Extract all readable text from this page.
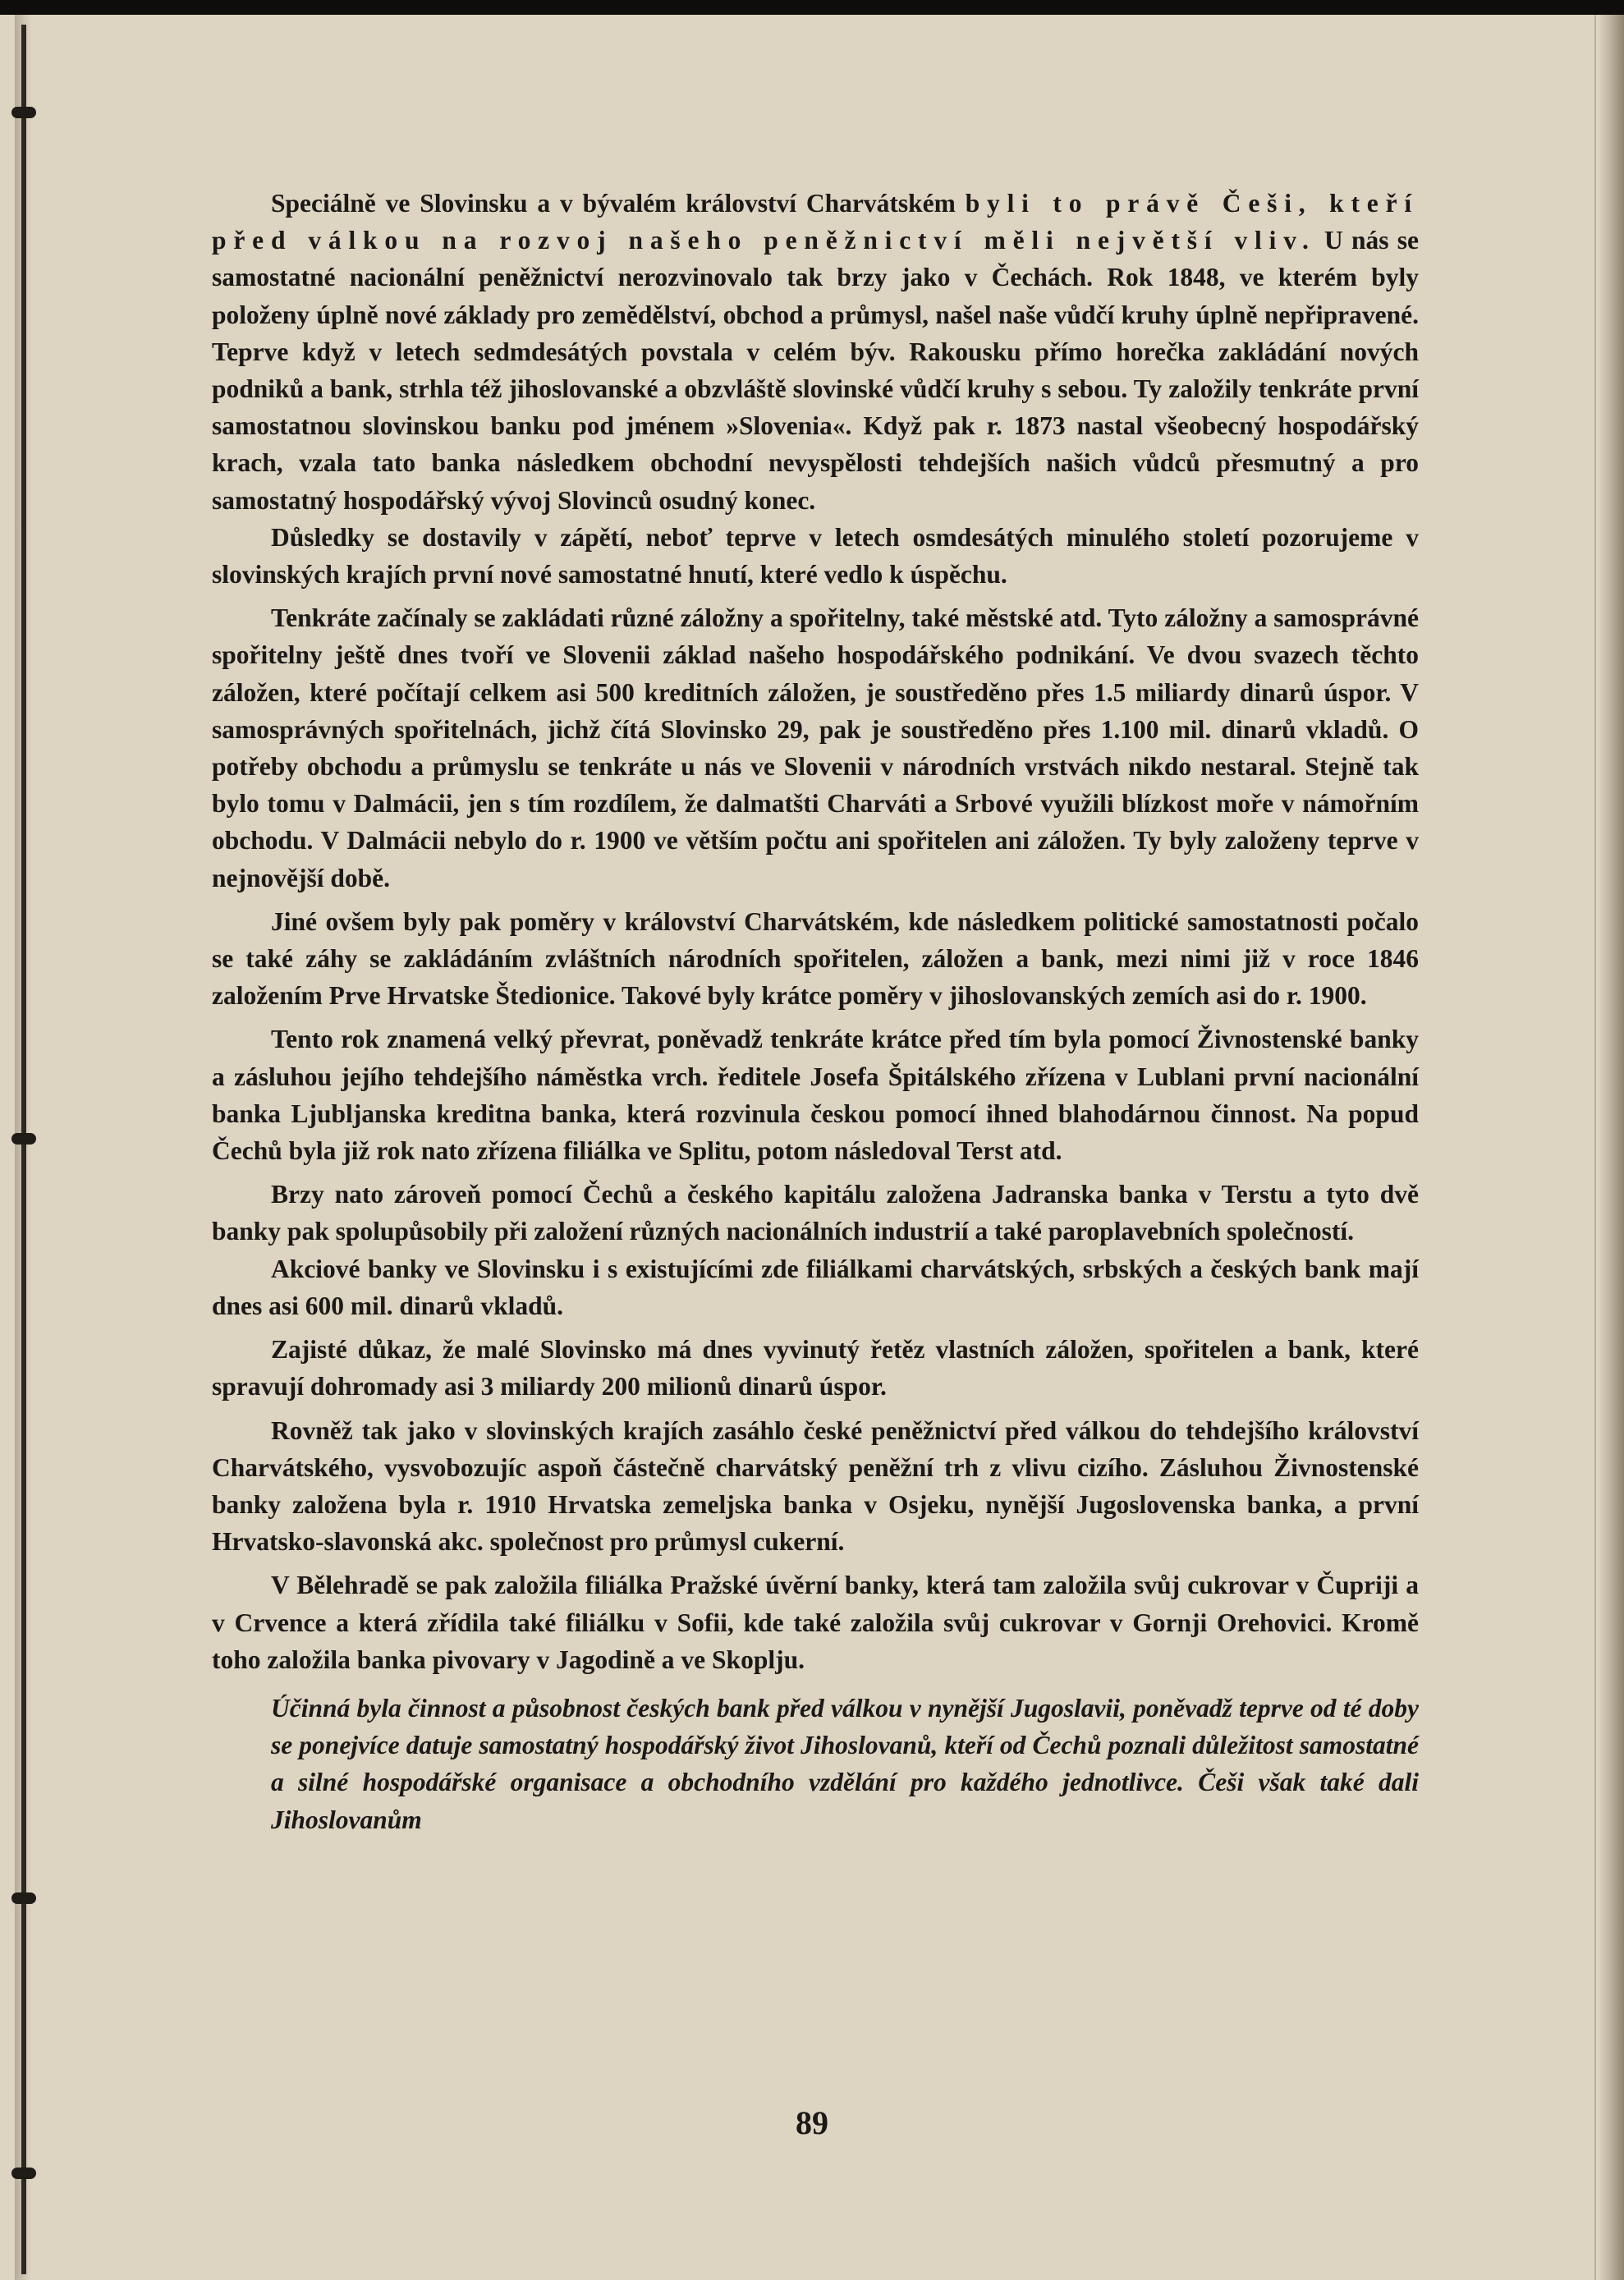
Speciálně ve Slovinsku a v bývalém království Charvátském byli to právě Češi, kteří před válkou na rozvoj našeho peněžnictví měli největší vliv. U nás se samostatné nacionální peněžnictví nerozvinovalo tak brzy jako v Čechách. Rok 1848, ve kterém byly položeny úplně nové základy pro zemědělství, obchod a průmysl, našel naše vůdčí kruhy úplně nepřipravené. Teprve když v letech sedmdesátých povstala v celém býv. Rakousku přímo horečka zakládání nových podniků a bank, strhla též jihoslovanské a obzvláště slovinské vůdčí kruhy s sebou. Ty založily tenkráte první samostatnou slovinskou banku pod jménem »Slovenia«. Když pak r. 1873 nastal všeobecný hospodářský krach, vzala tato banka následkem obchodní nevyspělosti tehdejších našich vůdců přesmutný a pro samostatný hospodářský vývoj Slovinců osudný konec.

Důsledky se dostavily v zápětí, neboť teprve v letech osmdesátých minulého století pozorujeme v slovinských krajích první nové samostatné hnutí, které vedlo k úspěchu.

Tenkráte začínaly se zakládati různé záložny a spořitelny, také městské atd. Tyto záložny a samosprávné spořitelny ještě dnes tvoří ve Slovenii základ našeho hospodářského podnikání. Ve dvou svazech těchto záložen, které počítají celkem asi 500 kreditních záložen, je soustředěno přes 1.5 miliardy dinarů úspor. V samosprávných spořitelnách, jichž čítá Slovinsko 29, pak je soustředěno přes 1.100 mil. dinarů vkladů. O potřeby obchodu a průmyslu se tenkráte u nás ve Slovenii v národních vrstvách nikdo nestaral. Stejně tak bylo tomu v Dalmácii, jen s tím rozdílem, že dalmatšti Charváti a Srbové využili blízkost moře v námořním obchodu. V Dalmácii nebylo do r. 1900 ve větším počtu ani spořitelen ani záložen. Ty byly založeny teprve v nejnovější době.

Jiné ovšem byly pak poměry v království Charvátském, kde následkem politické samostatnosti počalo se také záhy se zakládáním zvláštních národních spořitelen, záložen a bank, mezi nimi již v roce 1846 založením Prve Hrvatske Štedionice. Takové byly krátce poměry v jihoslovanských zemích asi do r. 1900.

Tento rok znamená velký převrat, poněvadž tenkráte krátce před tím byla pomocí Živnostenské banky a zásluhou jejího tehdejšího náměstka vrch. ředitele Josefa Špitálského zřízena v Lublani první nacionální banka Ljubljanska kreditna banka, která rozvinula českou pomocí ihned blahodárnou činnost. Na popud Čechů byla již rok nato zřízena filiálka ve Splitu, potom následoval Terst atd.

Brzy nato zároveň pomocí Čechů a českého kapitálu založena Jadranska banka v Terstu a tyto dvě banky pak spolupůsobily při založení různých nacionálních industrií a také paroplavebních společností.

Akciové banky ve Slovinsku i s existujícími zde filiálkami charvátských, srbských a českých bank mají dnes asi 600 mil. dinarů vkladů.

Zajisté důkaz, že malé Slovinsko má dnes vyvinutý řetěz vlastních záložen, spořitelen a bank, které spravují dohromady asi 3 miliardy 200 milionů dinarů úspor.

Rovněž tak jako v slovinských krajích zasáhlo české peněžnictví před válkou do tehdejšího království Charvátského, vysvobozujíc aspoň částečně charvátský peněžní trh z vlivu cizího. Zásluhou Živnostenské banky založena byla r. 1910 Hrvatska zemeljska banka v Osjeku, nynější Jugoslovenska banka, a první Hrvatsko-slavonská akc. společnost pro průmysl cukerní.

V Bělehradě se pak založila filiálka Pražské úvěrní banky, která tam založila svůj cukrovar v Čupriji a v Crvence a která zřídila také filiálku v Sofii, kde také založila svůj cukrovar v Gornji Orehovici. Kromě toho založila banka pivovary v Jagodině a ve Skoplju.

Účinná byla činnost a působnost českých bank před válkou v nynější Jugoslavii, poněvadž teprve od té doby se ponejvíce datuje samostatný hospodářský život Jihoslovanů, kteří od Čechů poznali důležitost samostatné a silné hospodářské organisace a obchodního vzdělání pro každého jednotlivce. Češi však také dali Jihoslovanům

89
